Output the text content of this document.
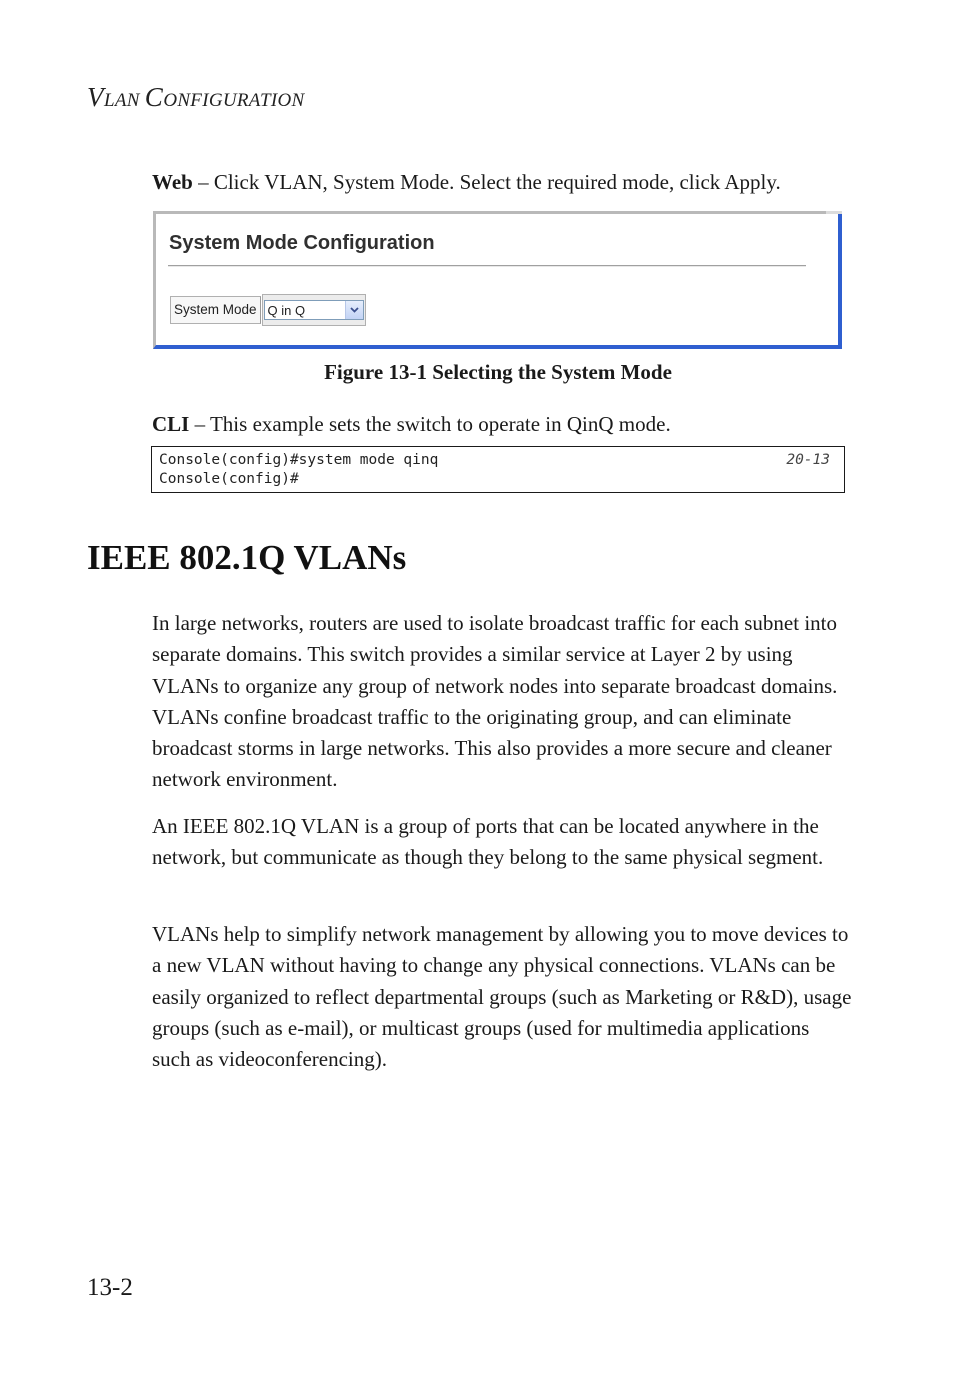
VLAN CONFIGURATION
Web – Click VLAN, System Mode. Select the required mode, click Apply.
System Mode Configuration
System Mode Q in Q
Figure 13-1 Selecting the System Mode
CLI – This example sets the switch to operate in QinQ mode.
Console(config)#system mode qinq	20-13
Console(config)#
IEEE 802.1Q VLANs
In large networks, routers are used to isolate broadcast traffic for each subnet into separate domains. This switch provides a similar service at Layer 2 by using VLANs to organize any group of network nodes into separate broadcast domains. VLANs confine broadcast traffic to the originating group, and can eliminate broadcast storms in large networks. This also provides a more secure and cleaner network environment.
An IEEE 802.1Q VLAN is a group of ports that can be located anywhere in the network, but communicate as though they belong to the same physical segment.
VLANs help to simplify network management by allowing you to move devices to a new VLAN without having to change any physical connections. VLANs can be easily organized to reflect departmental groups (such as Marketing or R&D), usage groups (such as e-mail), or multicast groups (used for multimedia applications such as videoconferencing).
13-2
